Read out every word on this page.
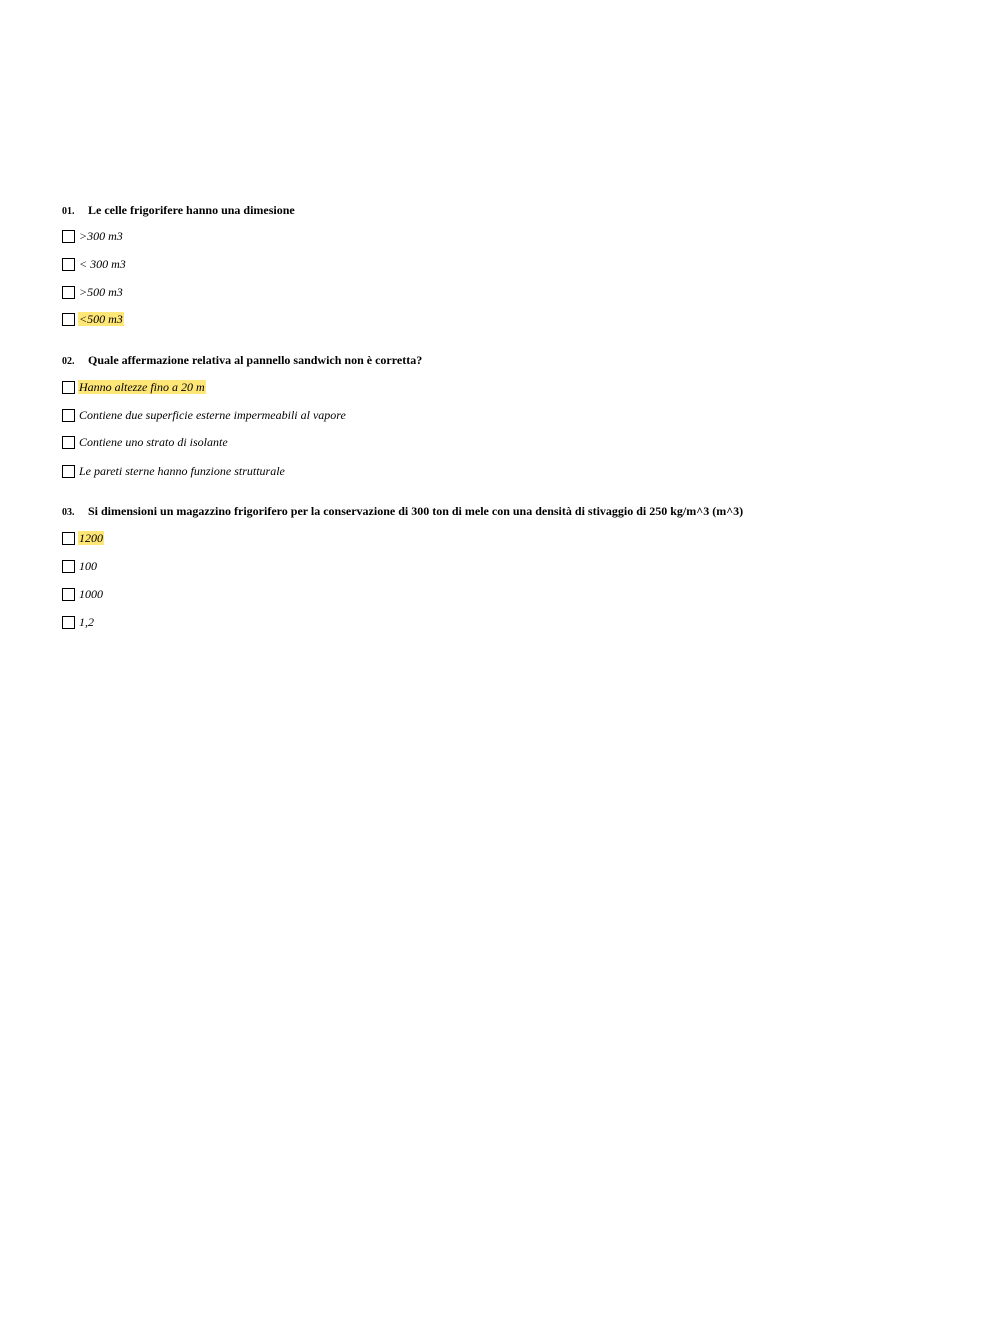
01. Le celle frigorifere hanno una dimesione
>300 m3
< 300 m3
>500 m3
<500 m3
02. Quale affermazione relativa al pannello sandwich non è corretta?
Hanno altezze fino a 20 m
Contiene due superficie esterne impermeabili al vapore
Contiene uno strato di isolante
Le pareti sterne hanno funzione strutturale
03. Si dimensioni un magazzino frigorifero per la conservazione di 300 ton di mele con una densità di stivaggio di 250 kg/m^3 (m^3)
1200
100
1000
1,2
